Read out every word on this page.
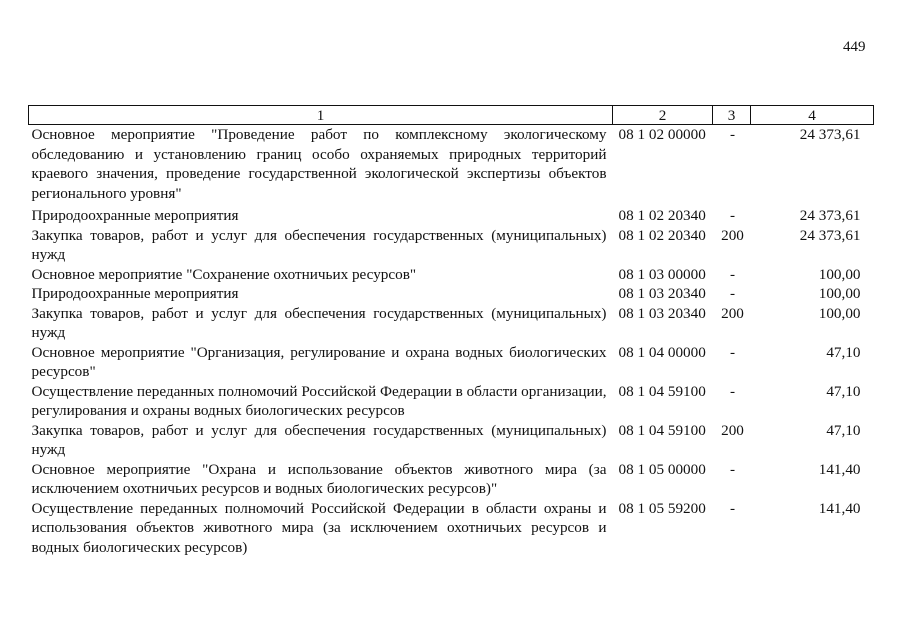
449
1	2	3	4
Основное мероприятие "Проведение работ по комплексному экологическому обследованию и установлению границ особо охраняемых природных территорий краевого значения, проведение государственной экологической экспертизы объектов регионального уровня"	08 1 02 00000	-	24 373,61
Природоохранные мероприятия	08 1 02 20340	-	24 373,61
Закупка товаров, работ и услуг для обеспечения государственных (муниципальных) нужд	08 1 02 20340	200	24 373,61
Основное мероприятие "Сохранение охотничьих ресурсов"	08 1 03 00000	-	100,00
Природоохранные мероприятия	08 1 03 20340	-	100,00
Закупка товаров, работ и услуг для обеспечения государственных (муниципальных) нужд	08 1 03 20340	200	100,00
Основное мероприятие "Организация, регулирование и охрана водных биологических ресурсов"	08 1 04 00000	-	47,10
Осуществление переданных полномочий Российской Федерации в области организации, регулирования и охраны водных биологических ресурсов	08 1 04 59100	-	47,10
Закупка товаров, работ и услуг для обеспечения государственных (муниципальных) нужд	08 1 04 59100	200	47,10
Основное мероприятие "Охрана и использование объектов животного мира (за исключением охотничьих ресурсов и водных биологических ресурсов)"	08 1 05 00000	-	141,40
Осуществление переданных полномочий Российской Федерации в области охраны и использования объектов животного мира (за исключением охотничьих ресурсов и водных биологических ресурсов)	08 1 05 59200	-	141,40
